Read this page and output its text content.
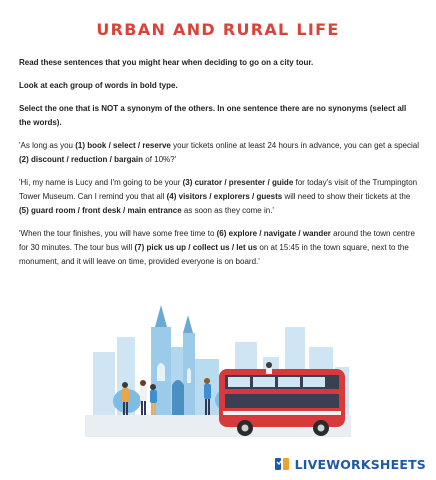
URBAN AND RURAL LIFE

Read these sentences that you might hear when deciding to go on a city tour.

Look at each group of words in bold type.

Select the one that is NOT a synonym of the others. In one sentence there are no synonyms (select all the words).

'As long as you (1) book / select / reserve your tickets online at least 24 hours in advance, you can get a special (2) discount / reduction / bargain of 10%?'

'Hi, my name is Lucy and I'm going to be your (3) curator / presenter / guide for today's visit of the Trumpington Tower Museum. Can I remind you that all (4) visitors / explorers / guests will need to show their tickets at the (5) guard room / front desk / main entrance as soon as they come in.'

'When the tour finishes, you will have some free time to (6) explore / navigate / wander around the town centre for 30 minutes. The tour bus will (7) pick us up / collect us / let us on at 15:45 in the town square, next to the monument, and it will leave on time, provided everyone is on board.'

LIVEWORKSHEETS
